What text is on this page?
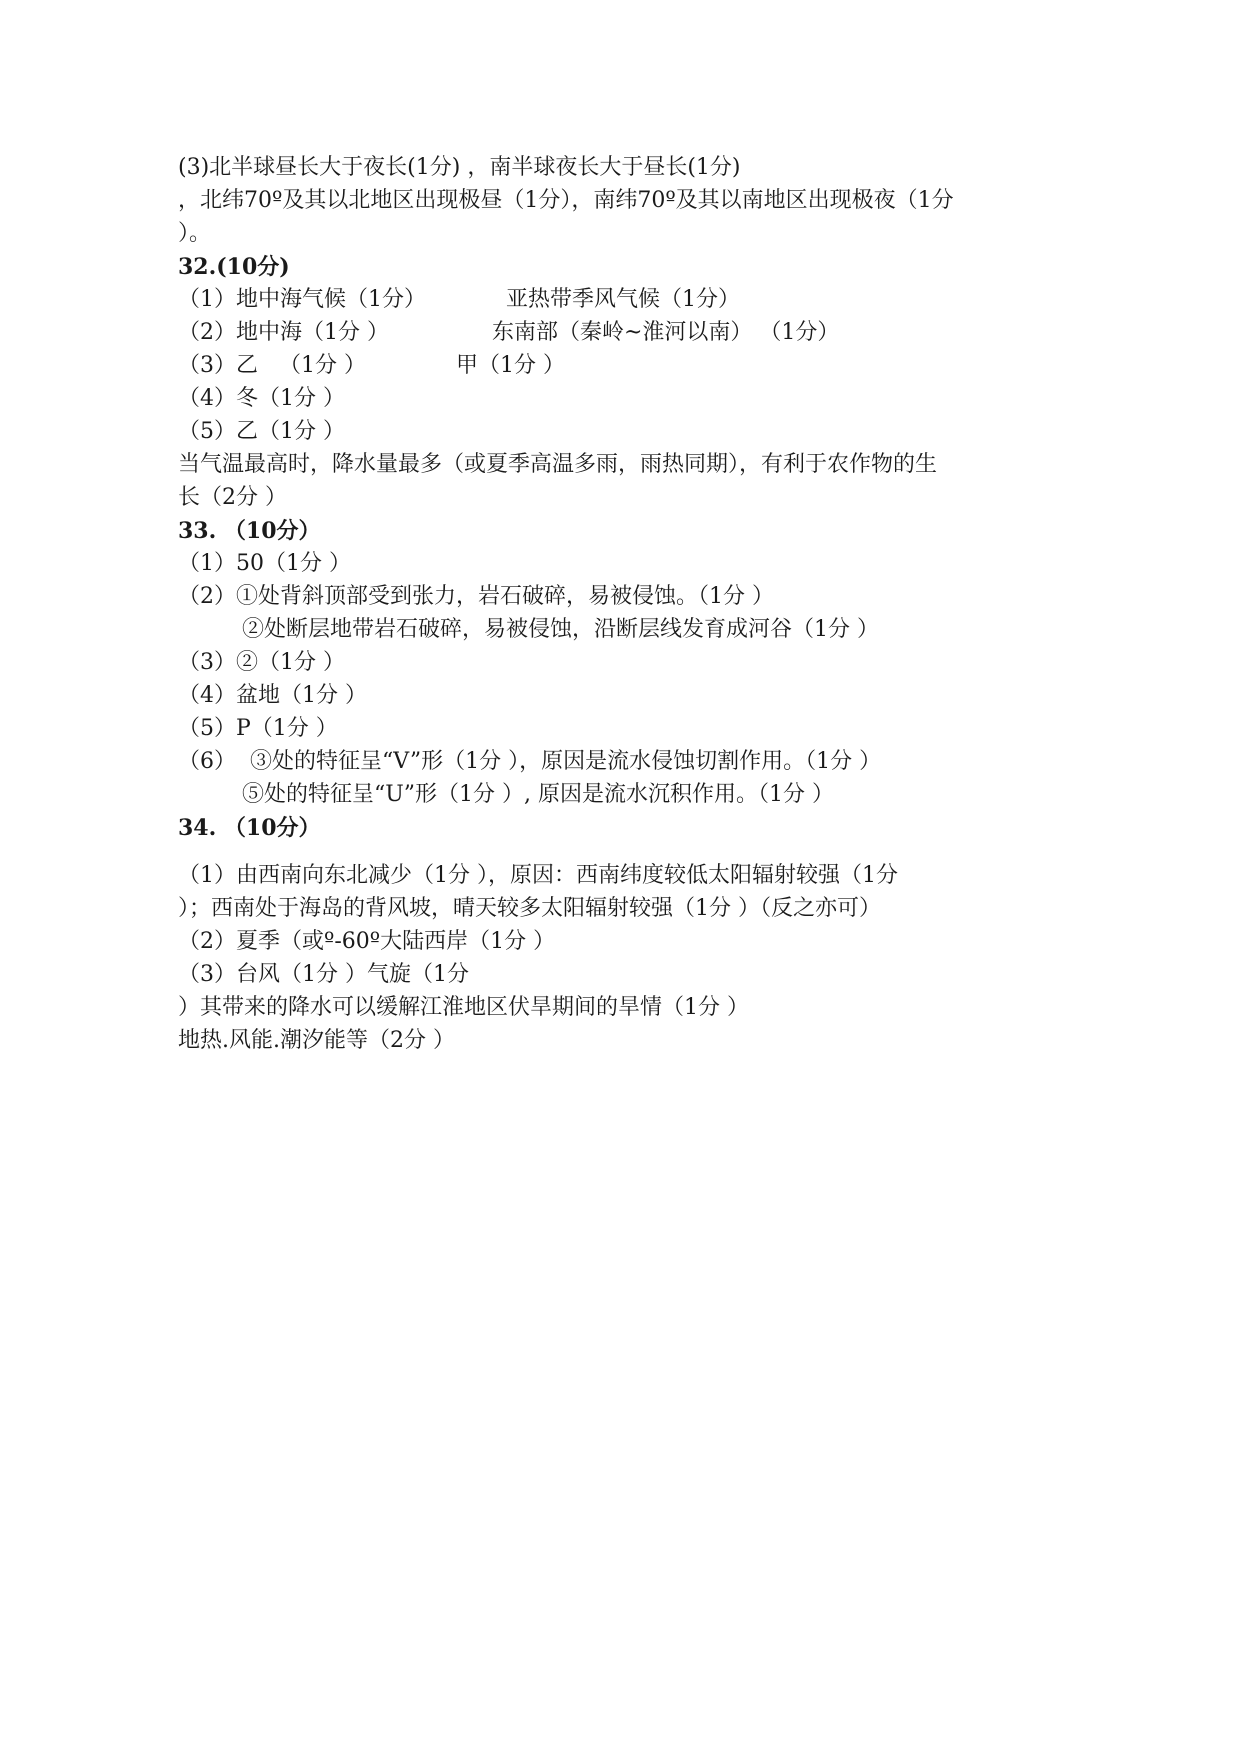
(3)北半球昼长大于夜长(1分) ，南半球夜长大于昼长(1分)
，北纬70º及其以北地区出现极昼（1分），南纬70º及其以南地区出现极夜（1分
）。
32.(10分)

（1）地中海气候（1分）

	亚热带季风气候（1分）

（2）地中海（1分 ）

	东南部（秦岭~淮河以南） （1分）

（3）乙   （1分 ）

	甲（1分 ）

（4）冬（1分 ）
（5）乙（1分 ）
当气温最高时，降水量最多（或夏季高温多雨，雨热同期），有利于农作物的生
长（2分 ）
33. （10分）
（1）50（1分 ）
（2）①处背斜顶部受到张力，岩石破碎，易被侵蚀。（1分 ）
②处断层地带岩石破碎，易被侵蚀，沿断层线发育成河谷（1分 ）
（3）②（1分 ）
（4）盆地（1分 ）
（5）P（1分 ）
（6）  ③处的特征呈“V”形（1分 ），原因是流水侵蚀切割作用。（1分 ）
⑤处的特征呈“U”形（1分 ）, 原因是流水沉积作用。（1分 ）
34. （10分）
（1）由西南向东北减少（1分 ），原因：西南纬度较低太阳辐射较强（1分
）；西南处于海岛的背风坡，晴天较多太阳辐射较强（1分 ）（反之亦可）
（2）夏季（或º-60º大陆西岸（1分 ）
（3）台风（1分 ）气旋（1分
）其带来的降水可以缓解江淮地区伏旱期间的旱情（1分 ）
地热.风能.潮汐能等（2分 ）
